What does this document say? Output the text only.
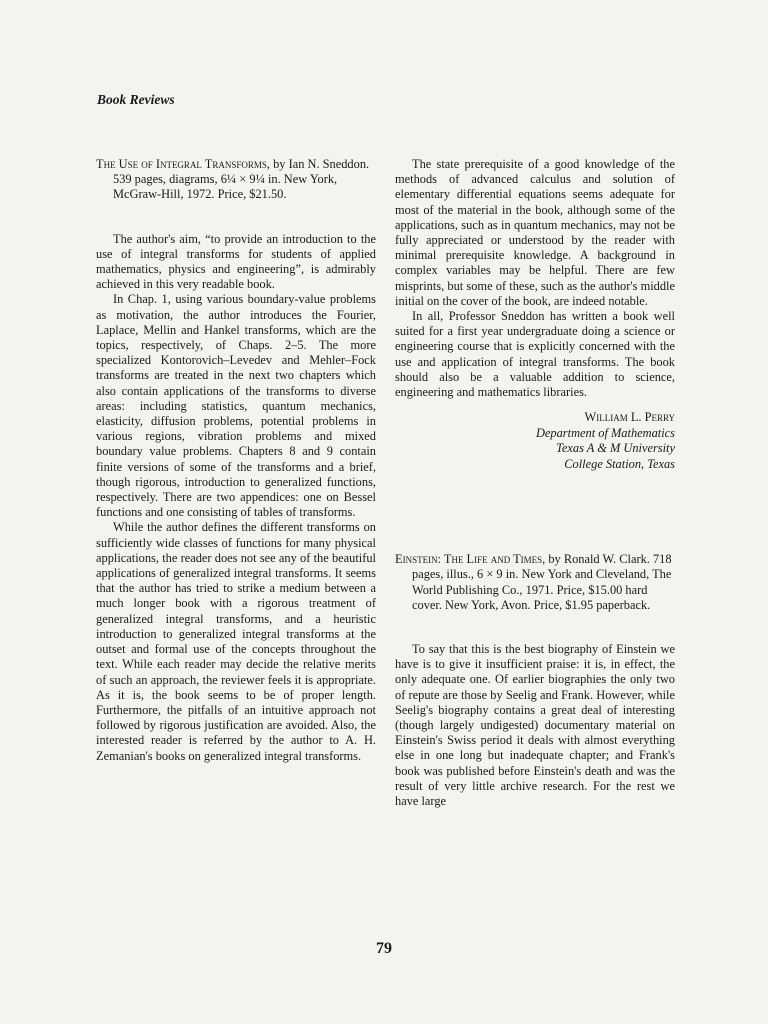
Book Reviews
The Use of Integral Transforms, by Ian N. Sneddon. 539 pages, diagrams, 6¼ × 9¼ in. New York, McGraw-Hill, 1972. Price, $21.50.

The author's aim, “to provide an introduction to the use of integral transforms for students of applied mathematics, physics and engineering”, is admirably achieved in this very readable book.

In Chap. 1, using various boundary-value problems as motivation, the author introduces the Fourier, Laplace, Mellin and Hankel transforms, which are the topics, respectively, of Chaps. 2–5. The more specialized Kontorovich–Levedev and Mehler–Fock transforms are treated in the next two chapters which also contain applications of the transforms to diverse areas: including statistics, quantum mechanics, elasticity, diffusion problems, potential problems in various regions, vibration problems and mixed boundary value problems. Chapters 8 and 9 contain finite versions of some of the transforms and a brief, though rigorous, introduction to generalized functions, respectively. There are two appendices: one on Bessel functions and one consisting of tables of transforms.

While the author defines the different transforms on sufficiently wide classes of functions for many physical applications, the reader does not see any of the beautiful applications of generalized integral transforms. It seems that the author has tried to strike a medium between a much longer book with a rigorous treatment of generalized integral transforms, and a heuristic introduction to generalized integral transforms at the outset and formal use of the concepts throughout the text. While each reader may decide the relative merits of such an approach, the reviewer feels it is appropriate. As it is, the book seems to be of proper length. Furthermore, the pitfalls of an intuitive approach not followed by rigorous justification are avoided. Also, the interested reader is referred by the author to A. H. Zemanian's books on generalized integral transforms.

The state prerequisite of a good knowledge of the methods of advanced calculus and solution of elementary differential equations seems adequate for most of the material in the book, although some of the applications, such as in quantum mechanics, may not be fully appreciated or understood by the reader with minimal prerequisite knowledge. A background in complex variables may be helpful. There are few misprints, but some of these, such as the author's middle initial on the cover of the book, are indeed notable.

In all, Professor Sneddon has written a book well suited for a first year undergraduate doing a science or engineering course that is explicitly concerned with the use and application of integral transforms. The book should also be a valuable addition to science, engineering and mathematics libraries.

William L. Perry
Department of Mathematics
Texas A & M University
College Station, Texas
Einstein: The Life and Times, by Ronald W. Clark. 718 pages, illus., 6 × 9 in. New York and Cleveland, The World Publishing Co., 1971. Price, $15.00 hard cover. New York, Avon. Price, $1.95 paperback.

To say that this is the best biography of Einstein we have is to give it insufficient praise: it is, in effect, the only adequate one. Of earlier biographies the only two of repute are those by Seelig and Frank. However, while Seelig's biography contains a great deal of interesting (though largely undigested) documentary material on Einstein's Swiss period it deals with almost everything else in one long but inadequate chapter; and Frank's book was published before Einstein's death and was the result of very little archive research. For the rest we have large

79
